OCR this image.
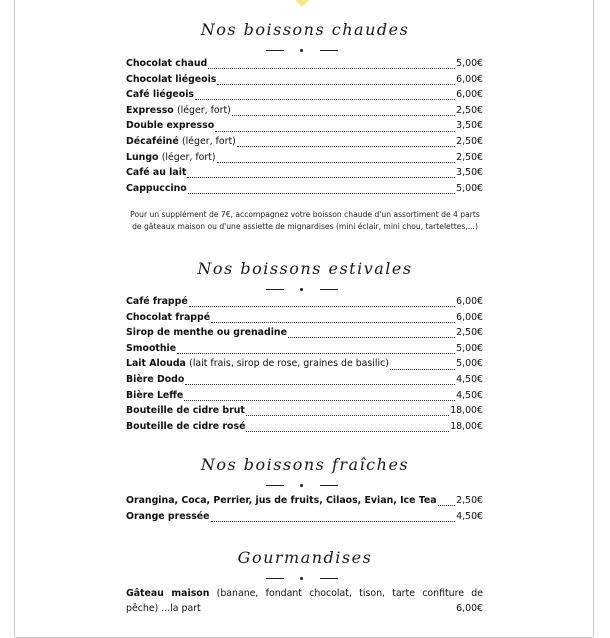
Nos boissons chaudes
Chocolat chaud	5,00€
Chocolat liégeois	6,00€
Café liégeois	6,00€
Expresso (léger, fort)	2,50€
Double expresso	3,50€
Décaféiné (léger, fort)	2,50€
Lungo (léger, fort)	2,50€
Café au lait	3,50€
Cappuccino	5,00€
Pour un supplément de 7€, accompagnez votre boisson chaude d'un assortiment de 4 parts
de gâteaux maison ou d'une assiette de mignardises (mini éclair, mini chou, tartelettes,...)
Nos boissons estivales
Café frappé	6,00€
Chocolat frappé	6,00€
Sirop de menthe ou grenadine	2,50€
Smoothie	5,00€
Lait Alouda (lait frais, sirop de rose, graines de basilic)	5,00€
Bière Dodo	4,50€
Bière Leffe	4,50€
Bouteille de cidre brut	18,00€
Bouteille de cidre rosé	18,00€
Nos boissons fraîches
Orangina, Coca, Perrier, jus de fruits, Cilaos, Evian, Ice Tea 2,50€
Orange pressée	4,50€
Gourmandises
Gâteau maison (banane, fondant chocolat, tison, tarte confiture de pêche) ...la part	6,00€
